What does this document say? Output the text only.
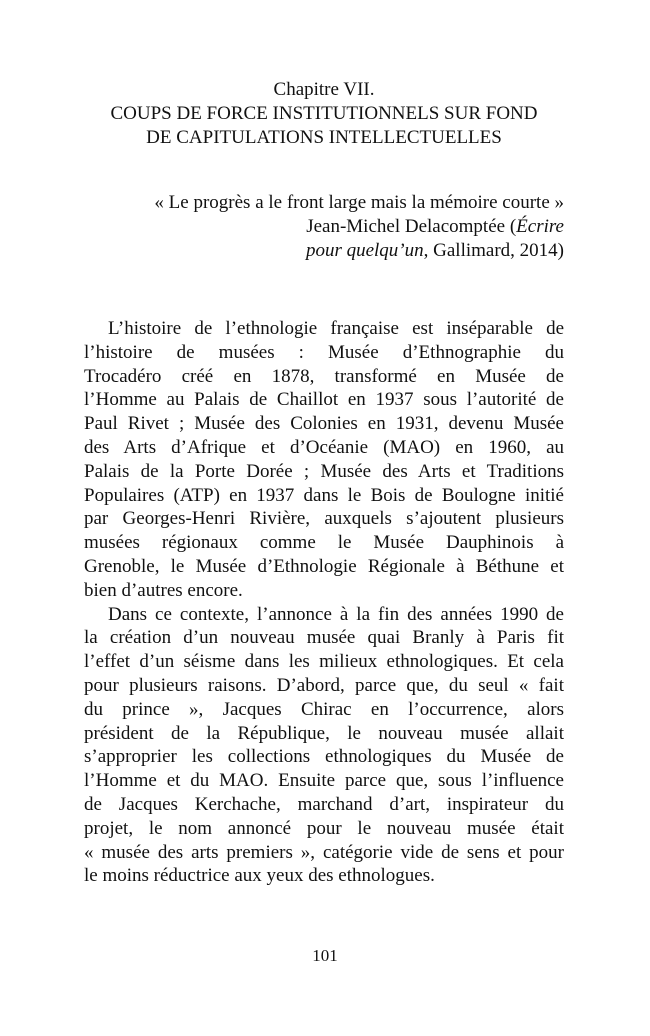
Chapitre VII.
COUPS DE FORCE INSTITUTIONNELS SUR FOND
DE CAPITULATIONS INTELLECTUELLES
« Le progrès a le front large mais la mémoire courte »
Jean-Michel Delacomptée (Écrire
pour quelqu’un, Gallimard, 2014)
L’histoire de l’ethnologie française est inséparable de
l’histoire de musées : Musée d’Ethnographie du
Trocadéro créé en 1878, transformé en Musée de
l’Homme au Palais de Chaillot en 1937 sous l’autorité de
Paul Rivet ; Musée des Colonies en 1931, devenu Musée
des Arts d’Afrique et d’Océanie (MAO) en 1960, au
Palais de la Porte Dorée ; Musée des Arts et Traditions
Populaires (ATP) en 1937 dans le Bois de Boulogne initié
par Georges-Henri Rivière, auxquels s’ajoutent plusieurs
musées régionaux comme le Musée Dauphinois à
Grenoble, le Musée d’Ethnologie Régionale à Béthune et
bien d’autres encore.
Dans ce contexte, l’annonce à la fin des années 1990 de
la création d’un nouveau musée quai Branly à Paris fit
l’effet d’un séisme dans les milieux ethnologiques. Et cela
pour plusieurs raisons. D’abord, parce que, du seul « fait
du prince », Jacques Chirac en l’occurrence, alors
président de la République, le nouveau musée allait
s’approprier les collections ethnologiques du Musée de
l’Homme et du MAO. Ensuite parce que, sous l’influence
de Jacques Kerchache, marchand d’art, inspirateur du
projet, le nom annoncé pour le nouveau musée était
« musée des arts premiers », catégorie vide de sens et pour
le moins réductrice aux yeux des ethnologues.
101
